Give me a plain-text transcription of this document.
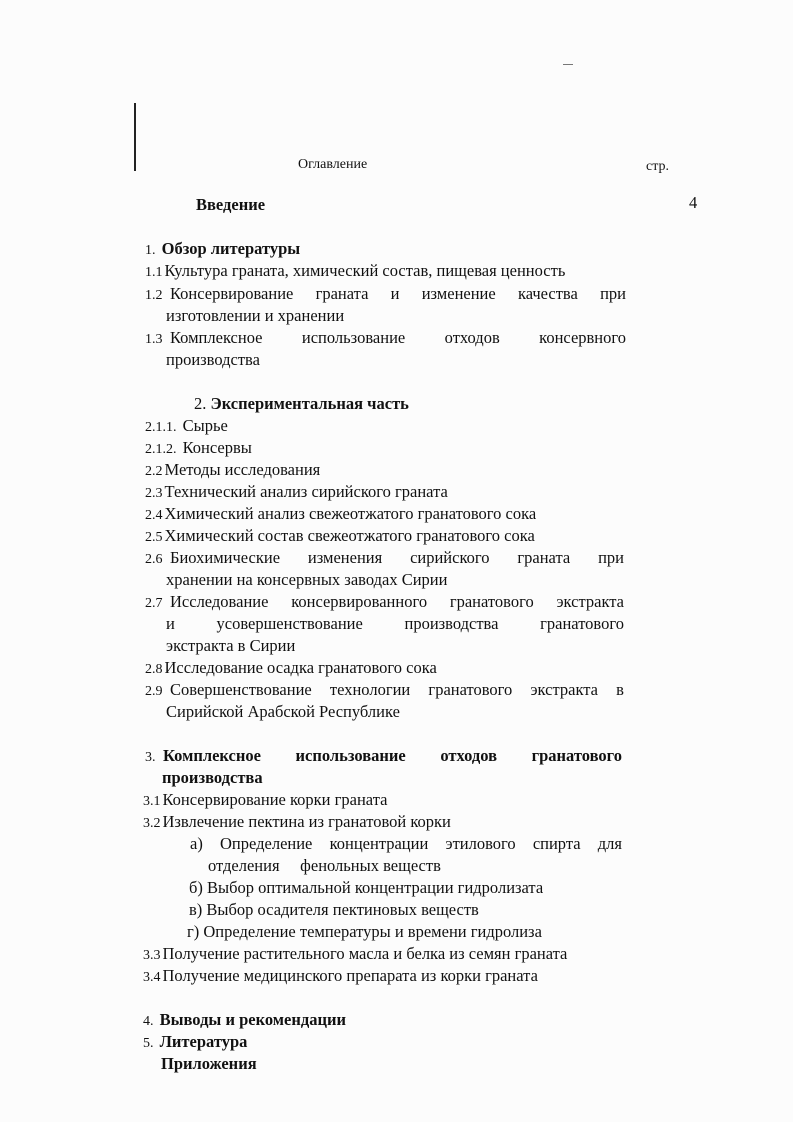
Оглавление	стр.
Введение	4
1. Обзор литературы
1.1 Культура граната, химический состав, пищевая ценность
1.2 Консервирование граната и изменение качества при
изготовлении и хранении
1.3 Комплексное использование отходов консервного
производства
2. Экспериментальная часть
2.1.1. Сырье
2.1.2. Консервы
2.2 Методы исследования
2.3 Технический анализ сирийского граната
2.4 Химический анализ свежеотжатого гранатового сока
2.5 Химический состав свежеотжатого гранатового сока
2.6 Биохимические изменения сирийского граната при
хранении на консервных заводах Сирии
2.7 Исследование консервированного гранатового экстракта
и	усовершенствование	производства	гранатового
экстракта в Сирии
2.8 Исследование осадка гранатового сока
2.9 Совершенствование технологии гранатового экстракта в
Сирийской Арабской Республике
3. Комплексное использование отходов гранатового
производства
3.1 Консервирование корки граната
3.2 Извлечение пектина из гранатовой корки
а) Определение концентрации этилового спирта для
отделения     фенольных веществ
б) Выбор оптимальной концентрации гидролизата
в) Выбор осадителя пектиновых веществ
г) Определение температуры и времени гидролиза
3.3 Получение растительного масла и белка из семян граната
3.4 Получение медицинского препарата из корки граната
4. Выводы и рекомендации
5. Литература
Приложения
